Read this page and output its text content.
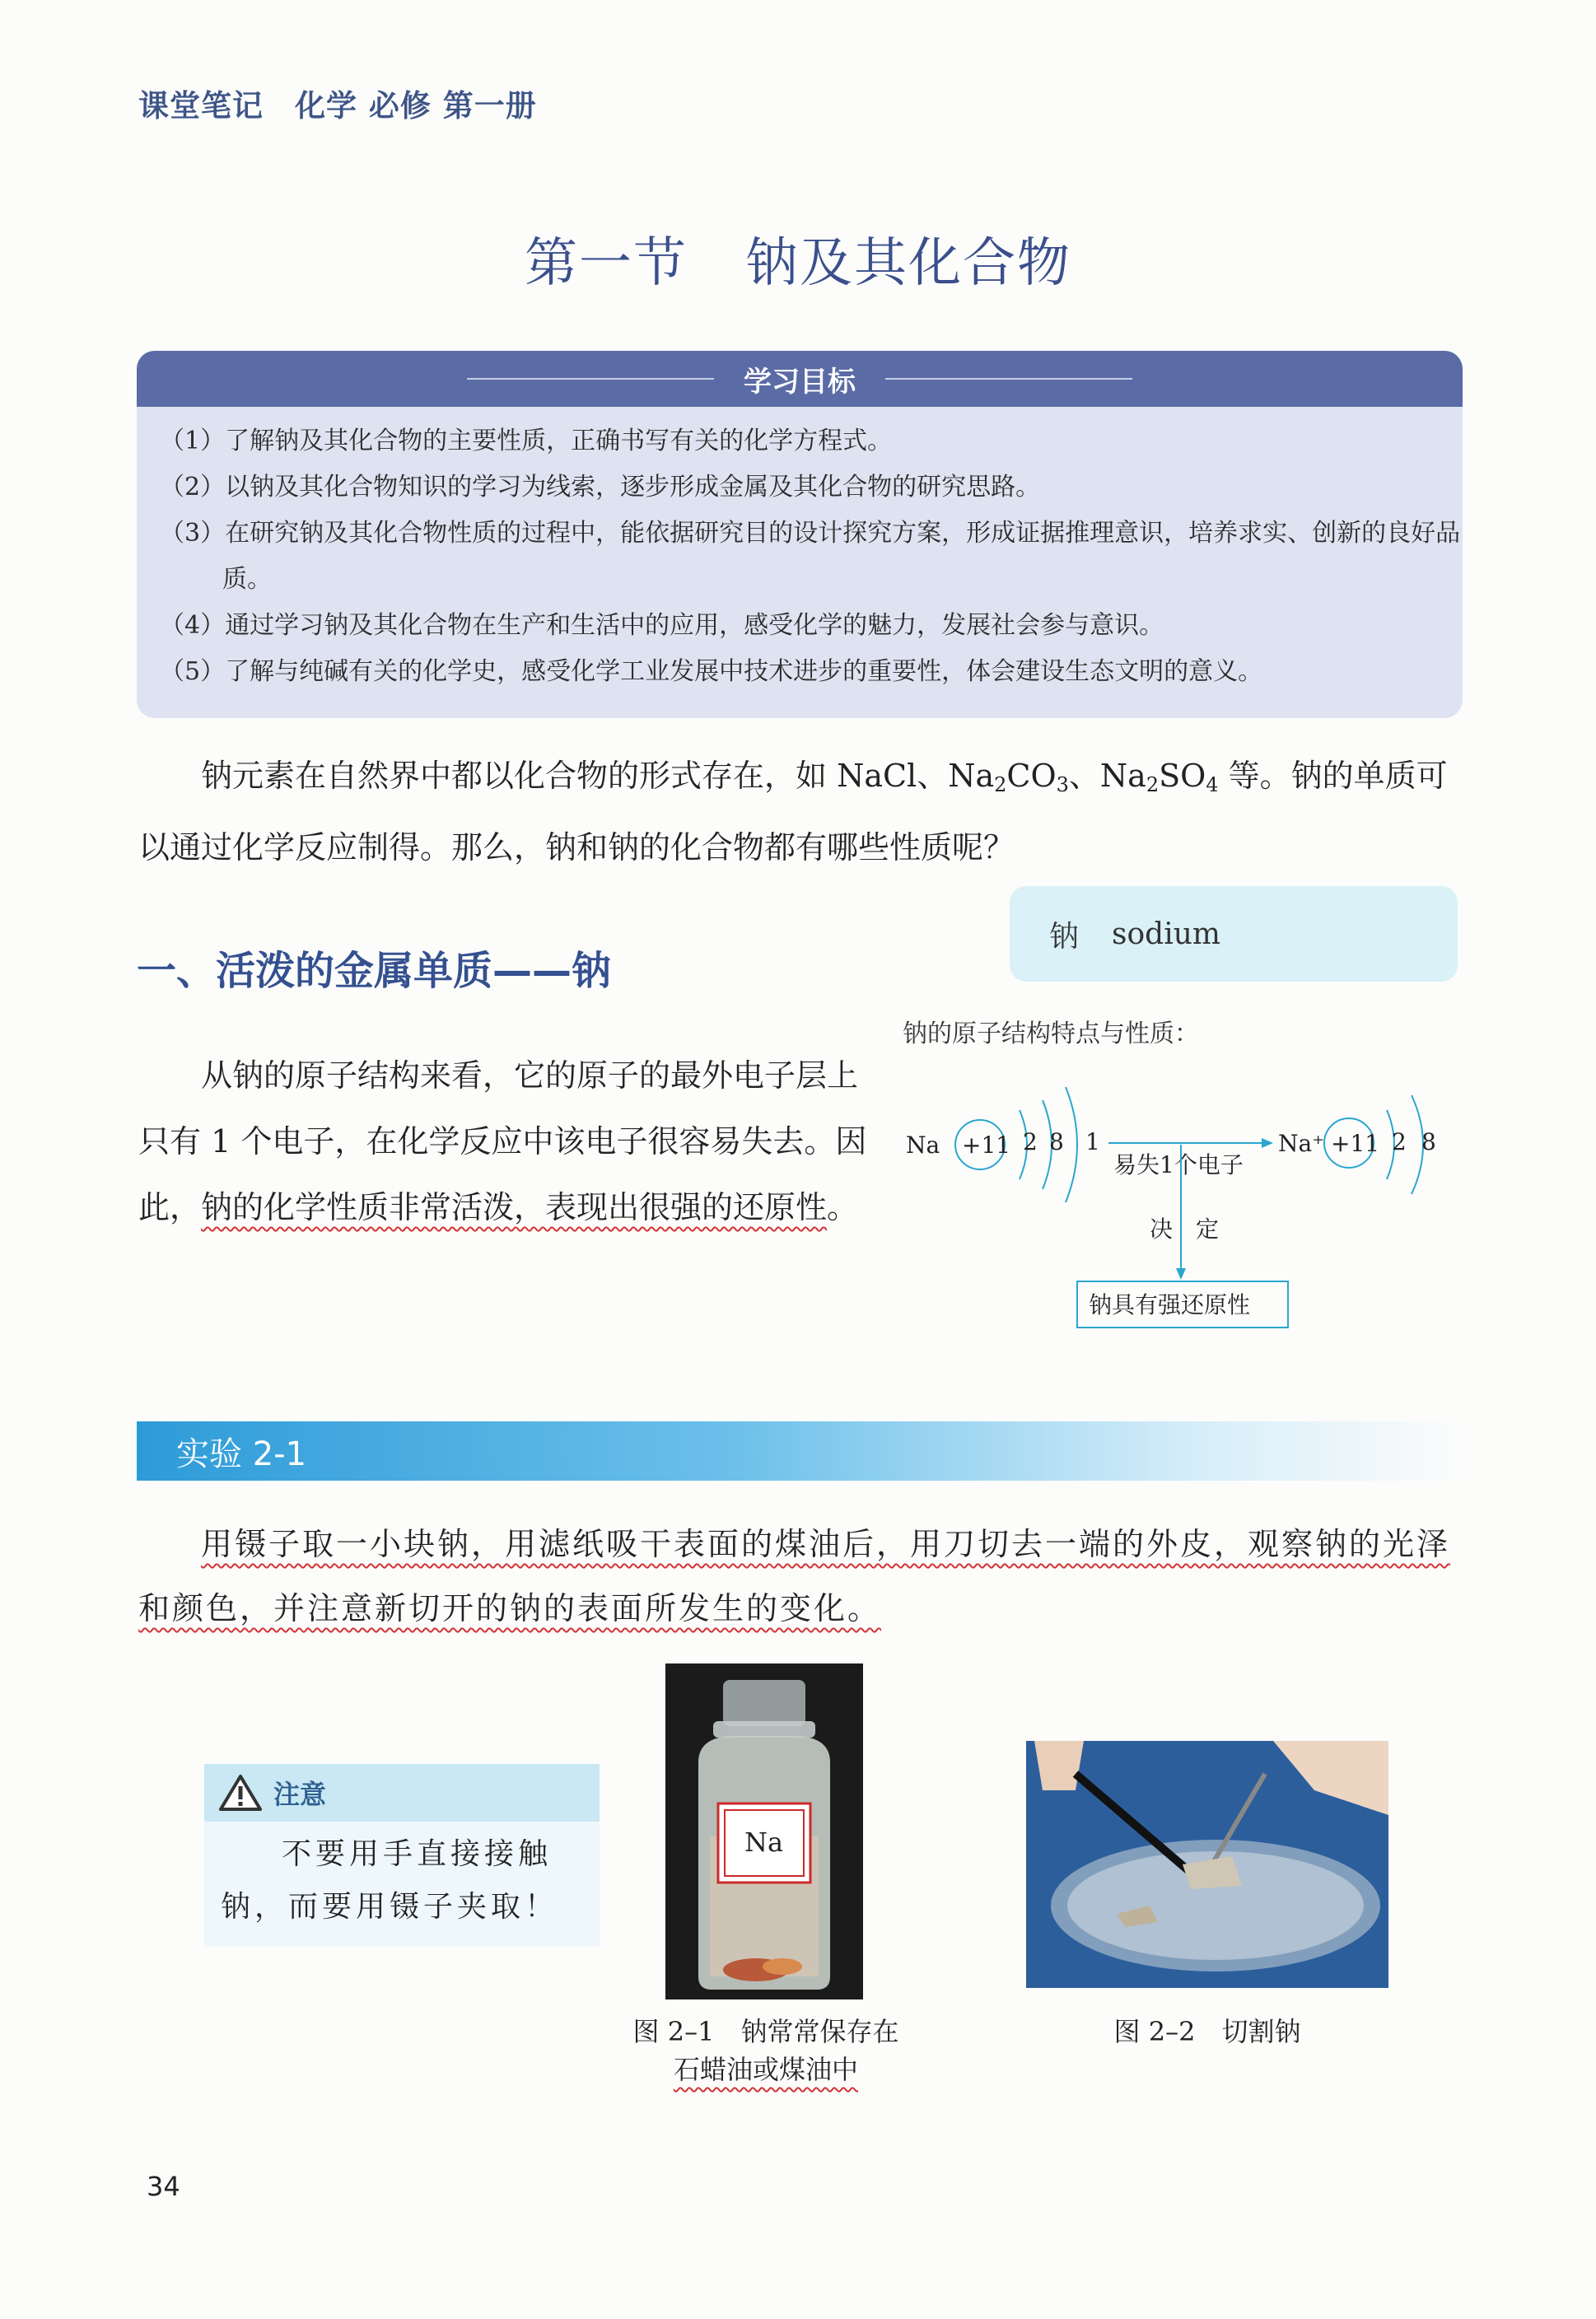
课堂笔记　化学 必修 第一册
第一节 钠及其化合物
学习目标
（1）了解钠及其化合物的主要性质，正确书写有关的化学方程式。
（2）以钠及其化合物知识的学习为线索，逐步形成金属及其化合物的研究思路。
（3）在研究钠及其化合物性质的过程中，能依据研究目的设计探究方案，形成证据推理意识，培养求实、创新的良好品质。
（4）通过学习钠及其化合物在生产和生活中的应用，感受化学的魅力，发展社会参与意识。
（5）了解与纯碱有关的化学史，感受化学工业发展中技术进步的重要性，体会建设生态文明的意义。
钠元素在自然界中都以化合物的形式存在，如 NaCl、$Na_2CO_3$、$Na_2SO_4$ 等。钠的单质可以通过化学反应制得。那么，钠和钠的化合物都有哪些性质呢？
钠 sodium
一、活泼的金属单质——钠
从钠的原子结构来看，它的原子的最外电子层上只有 1 个电子，在化学反应中该电子很容易失去。因此，钠的化学性质非常活泼，表现出很强的还原性。
钠的原子结构特点与性质：
Na +11 2 8 1
易失1个电子
Na⁺ +11 2 8
决　定
钠具有强还原性
实验 2-1
用镊子取一小块钠，用滤纸吸干表面的煤油后，用刀切去一端的外皮，观察钠的光泽和颜色，并注意新切开的钠的表面所发生的变化。
注意
不要用手直接接触钠，而要用镊子夹取！
Na
图 2–1　钠常常保存在
石蜡油或煤油中
图 2–2　切割钠
34
